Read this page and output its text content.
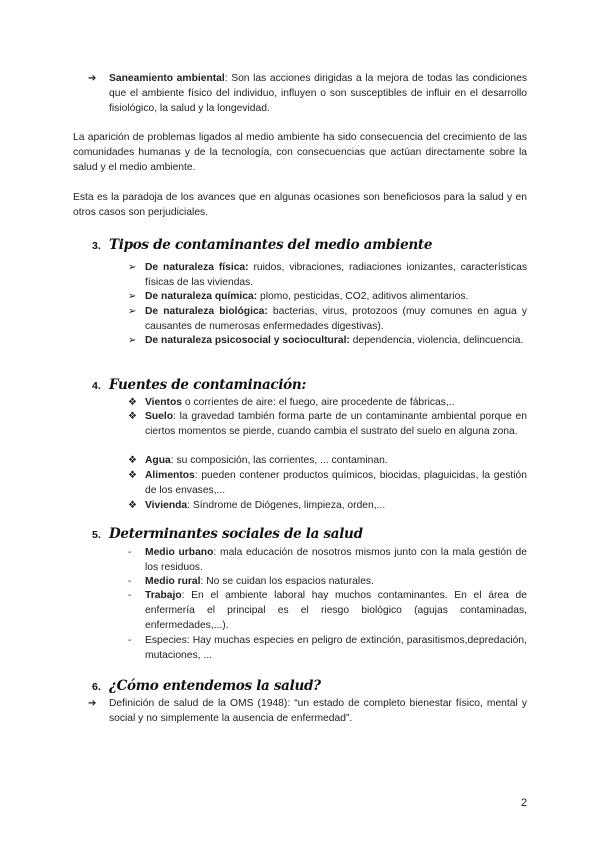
➔ Saneamiento ambiental: Son las acciones dirigidas a la mejora de todas las condiciones que el ambiente físico del individuo, influyen o son susceptibles de influir en el desarrollo fisiológico, la salud y la longevidad.
La aparición de problemas ligados al medio ambiente ha sido consecuencia del crecimiento de las comunidades humanas y de la tecnología, con consecuencias que actúan directamente sobre la salud y el medio ambiente.
Esta es la paradoja de los avances que en algunas ocasiones son beneficiosos para la salud y en otros casos son perjudiciales.
3. Tipos de contaminantes del medio ambiente
➢ De naturaleza física: ruidos, vibraciones, radiaciones ionizantes, características físicas de las viviendas.
➢ De naturaleza química: plomo, pesticidas, CO2, aditivos alimentarios.
➢ De naturaleza biológica: bacterias, virus, protozoos (muy comunes en agua y causantes de numerosas enfermedades digestivas).
➢ De naturaleza psicosocial y sociocultural: dependencia, violencia, delincuencia.
4. Fuentes de contaminación:
❖ Vientos o corrientes de aire: el fuego, aire procedente de fábricas,..
❖ Suelo: la gravedad también forma parte de un contaminante ambiental porque en ciertos momentos se pierde, cuando cambia el sustrato del suelo en alguna zona.
❖ Agua: su composición, las corrientes, ... contaminan.
❖ Alimentos: pueden contener productos químicos, biocidas, plaguicidas, la gestión de los envases,...
❖ Vivienda: Síndrome de Diógenes, limpieza, orden,...
5. Determinantes sociales de la salud
- Medio urbano: mala educación de nosotros mismos junto con la mala gestión de los residuos.
- Medio rural: No se cuidan los espacios naturales.
- Trabajo: En el ambiente laboral hay muchos contaminantes. En el área de enfermería el principal es el riesgo biológico (agujas contaminadas, enfermedades,...).
- Especies: Hay muchas especies en peligro de extinción, parasitismos,depredación, mutaciones, ...
6. ¿Cómo entendemos la salud?
➔ Definición de salud de la OMS (1948): “un estado de completo bienestar físico, mental y social y no simplemente la ausencia de enfermedad”.
2
